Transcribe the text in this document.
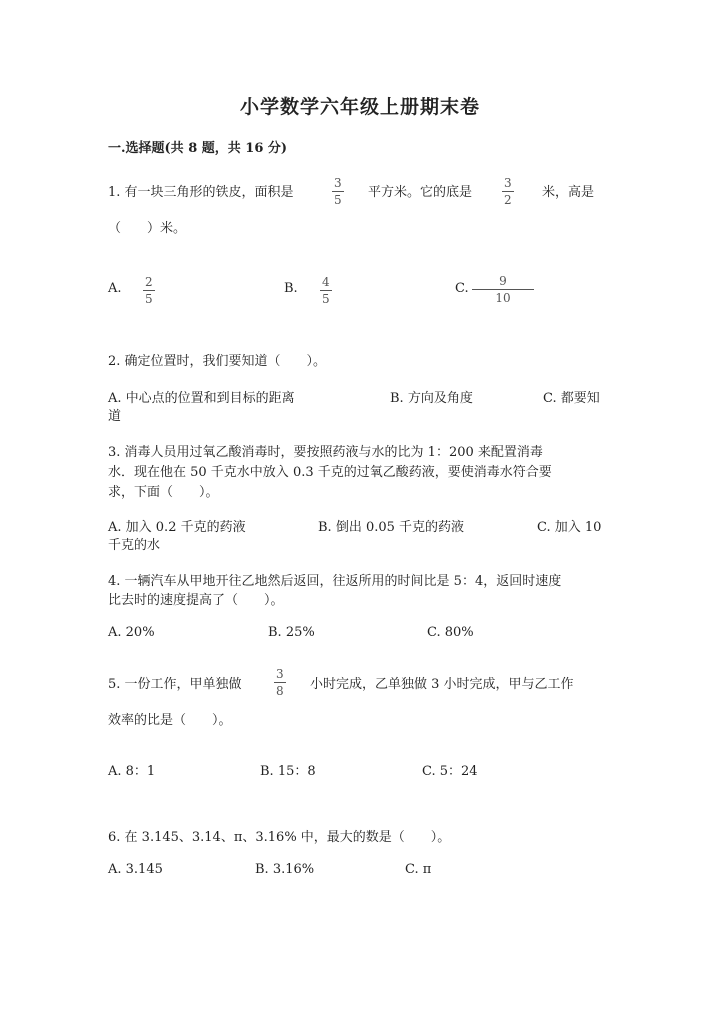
小学数学六年级上册期末卷
一.选择题(共 8 题，共 16 分)
1. 有一块三角形的铁皮，面积是
3
5 平方米。它的底是
3
2 米，高是
（　　）米。
A. 2
5
B. 4
5
C.	9
10
2. 确定位置时，我们要知道（　　）。
A. 中心点的位置和到目标的距离	B. 方向及角度	C. 都要知
道
3. 消毒人员用过氧乙酸消毒时，要按照药液与水的比为 1：200 来配置消毒
水．现在他在 50 千克水中放入 0.3 千克的过氧乙酸药液，要使消毒水符合要
求，下面（　　）。
A. 加入 0.2 千克的药液	B. 倒出 0.05 千克的药液	C. 加入 10
千克的水
4. 一辆汽车从甲地开往乙地然后返回，往返所用的时间比是 5：4，返回时速度
比去时的速度提高了（　　）。
A. 20%	B. 25%	C. 80%
5. 一份工作，甲单独做
3
8 小时完成，乙单独做 3 小时完成，甲与乙工作
效率的比是（　　）。
A. 8：1	B. 15：8	C. 5：24
6. 在 3.145、3.14、π、3.16% 中，最大的数是（　　）。
A. 3.145	B. 3.16%	C. π
